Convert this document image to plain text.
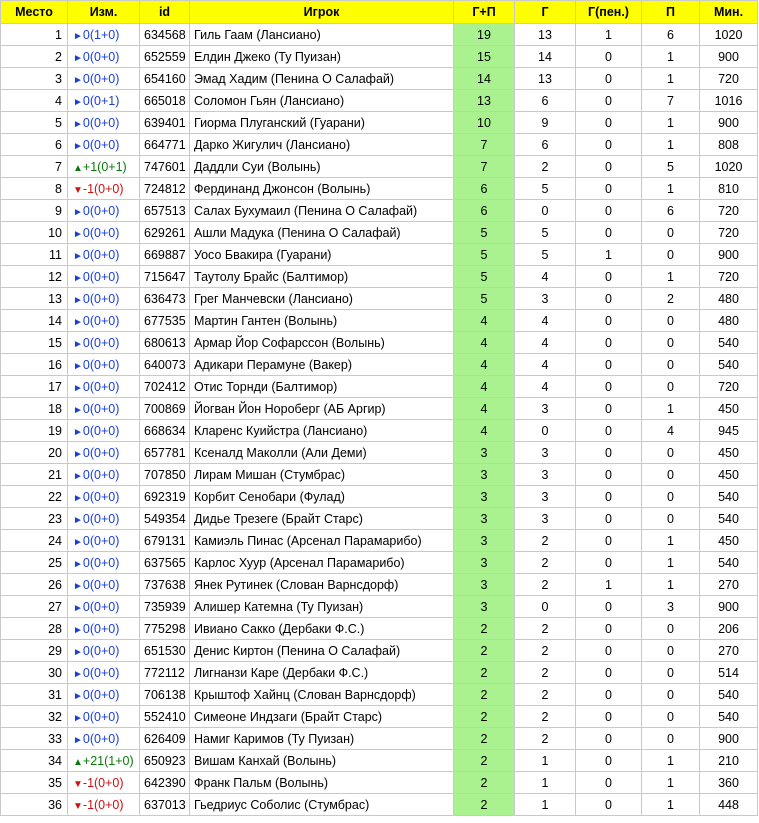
Место	Изм.	id	Игрок	Г+П	Г	Г(пен.)	П	Мин.
1	►0(1+0)	634568	Гиль Гаам (Лансиано)	19	13	1	6	1020
2	►0(0+0)	652559	Елдин Джеко (Ту Пуизан)	15	14	0	1	900
3	►0(0+0)	654160	Эмад Хадим (Пенина О Салафай)	14	13	0	1	720
4	►0(0+1)	665018	Соломон Гьян (Лансиано)	13	6	0	7	1016
5	►0(0+0)	639401	Гиорма Плуганский (Гуарани)	10	9	0	1	900
6	►0(0+0)	664771	Дарко Жигулич (Лансиано)	7	6	0	1	808
7	▲+1(0+1)	747601	Даддли Суи (Волынь)	7	2	0	5	1020
8	▼-1(0+0)	724812	Фердинанд Джонсон (Волынь)	6	5	0	1	810
9	►0(0+0)	657513	Салах Бухумаил (Пенина О Салафай)	6	0	0	6	720
10	►0(0+0)	629261	Ашли Мадука (Пенина О Салафай)	5	5	0	0	720
11	►0(0+0)	669887	Уосо Бвакира (Гуарани)	5	5	1	0	900
12	►0(0+0)	715647	Таутолу Брайс (Балтимор)	5	4	0	1	720
13	►0(0+0)	636473	Грег Манчевски (Лансиано)	5	3	0	2	480
14	►0(0+0)	677535	Мартин Гантен (Волынь)	4	4	0	0	480
15	►0(0+0)	680613	Армар Йор Софарссон (Волынь)	4	4	0	0	540
16	►0(0+0)	640073	Адикари Перамуне (Вакер)	4	4	0	0	540
17	►0(0+0)	702412	Отис Торнди (Балтимор)	4	4	0	0	720
18	►0(0+0)	700869	Йогван Йон Нороберг (АБ Аргир)	4	3	0	1	450
19	►0(0+0)	668634	Кларенс Куийстра (Лансиано)	4	0	0	4	945
20	►0(0+0)	657781	Ксеналд Маколли (Али Деми)	3	3	0	0	450
21	►0(0+0)	707850	Лирам Мишан (Стумбрас)	3	3	0	0	450
22	►0(0+0)	692319	Корбит Сенобари (Фулад)	3	3	0	0	540
23	►0(0+0)	549354	Дидье Трезеге (Брайт Старс)	3	3	0	0	540
24	►0(0+0)	679131	Камиэль Пинас (Арсенал Парамарибо)	3	2	0	1	450
25	►0(0+0)	637565	Карлос Хуур (Арсенал Парамарибо)	3	2	0	1	540
26	►0(0+0)	737638	Янек Рутинек (Слован Варнсдорф)	3	2	1	1	270
27	►0(0+0)	735939	Алишер Катемна (Ту Пуизан)	3	0	0	3	900
28	►0(0+0)	775298	Ивиано Сакко (Дербаки Ф.С.)	2	2	0	0	206
29	►0(0+0)	651530	Денис Киртон (Пенина О Салафай)	2	2	0	0	270
30	►0(0+0)	772112	Лигнанзи Каре (Дербаки Ф.С.)	2	2	0	0	514
31	►0(0+0)	706138	Крыштоф Хайнц (Слован Варнсдорф)	2	2	0	0	540
32	►0(0+0)	552410	Симеоне Индзаги (Брайт Старс)	2	2	0	0	540
33	►0(0+0)	626409	Намиг Каримов (Ту Пуизан)	2	2	0	0	900
34	▲+21(1+0)	650923	Вишам Канхай (Волынь)	2	1	0	1	210
35	▼-1(0+0)	642390	Франк Пальм (Волынь)	2	1	0	1	360
36	▼-1(0+0)	637013	Гьедриус Соболис (Стумбрас)	2	1	0	1	448
